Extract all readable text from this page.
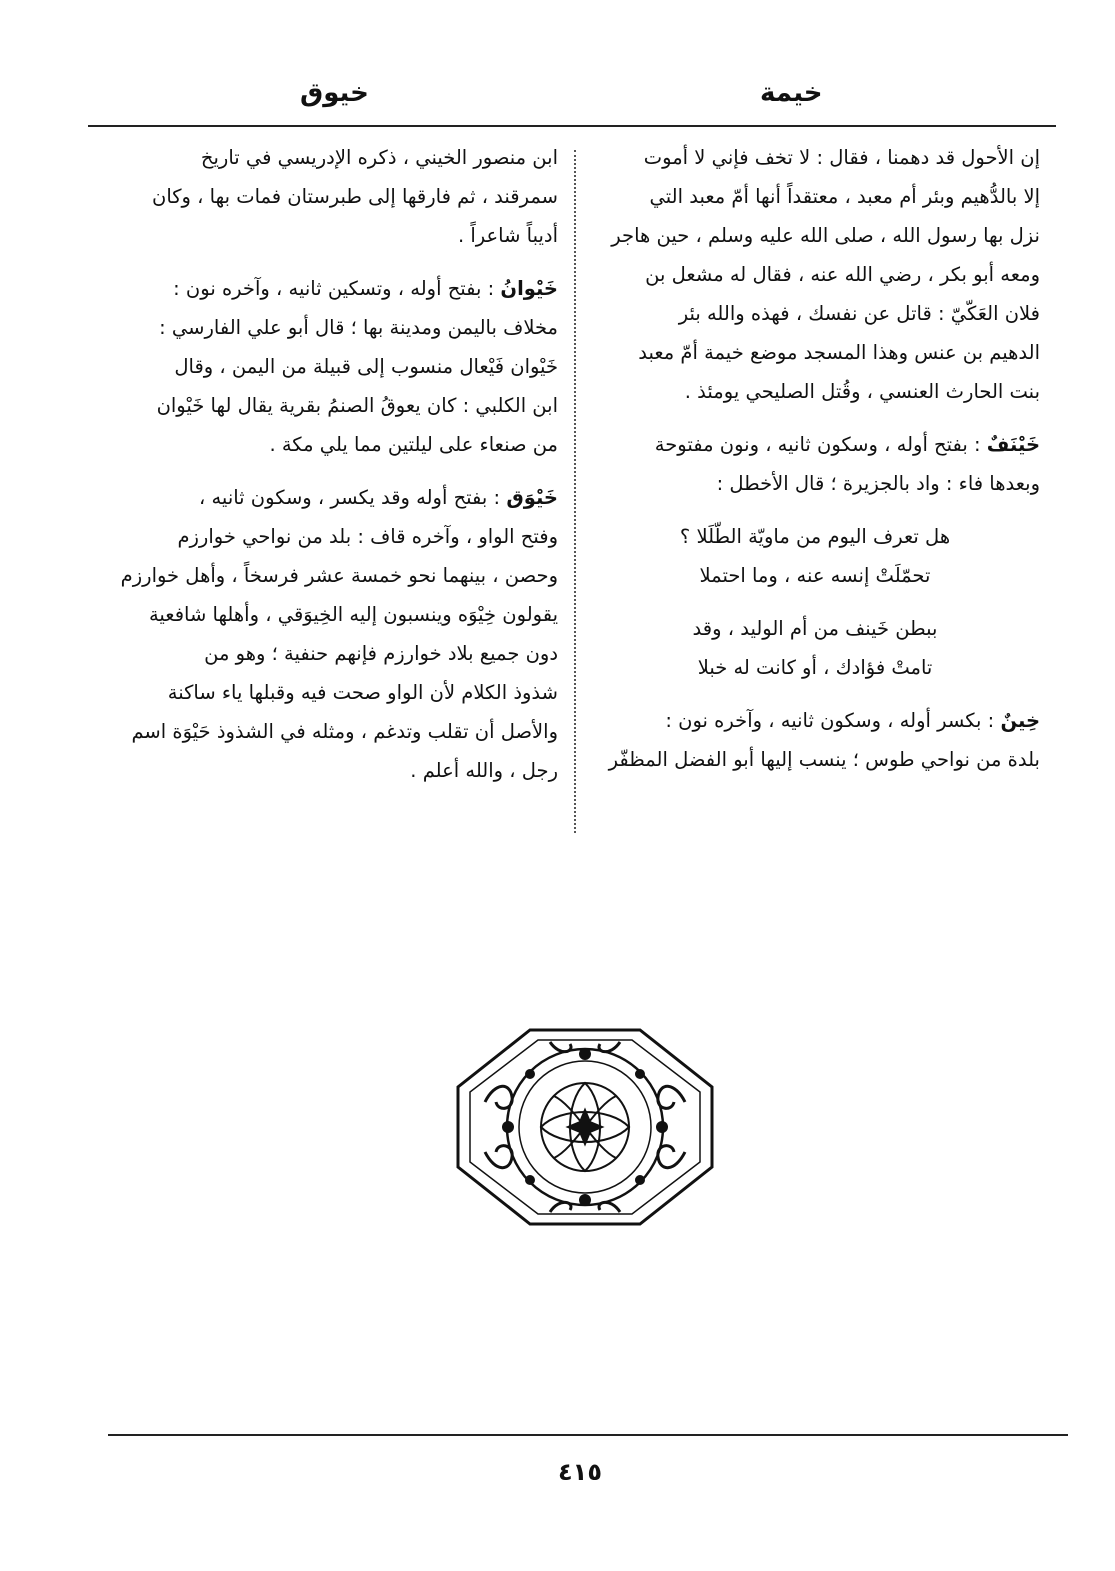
خيمة
خيوق
إن الأحول قد دهمنا ، فقال : لا تخف فإني لا أموت
إلا بالدُّهيم وبئر أم معبد ، معتقداً أنها أمّ معبد التي
نزل بها رسول الله ، صلى الله عليه وسلم ، حين هاجر
ومعه أبو بكر ، رضي الله عنه ، فقال له مشعل بن
فلان العَكّيّ : قاتل عن نفسك ، فهذه والله بئر
الدهيم بن عنس وهذا المسجد موضع خيمة أمّ معبد
بنت الحارث العنسي ، وقُتل الصليحي يومئذ .
خَيْنَفٌ : بفتح أوله ، وسكون ثانيه ، ونون مفتوحة
وبعدها فاء : واد بالجزيرة ؛ قال الأخطل :
هل تعرف اليوم من ماويّة الطّلَلا ؟
تحمّلَتْ إنسه عنه ، وما احتملا
ببطن خَينف من أم الوليد ، وقد
تامتْ فؤادك ، أو كانت له خبلا
خِينٌ : بكسر أوله ، وسكون ثانيه ، وآخره نون :
بلدة من نواحي طوس ؛ ينسب إليها أبو الفضل المظفّر
ابن منصور الخيني ، ذكره الإدريسي في تاريخ
سمرقند ، ثم فارقها إلى طبرستان فمات بها ، وكان
أديباً شاعراً .
خَيْوانُ : بفتح أوله ، وتسكين ثانيه ، وآخره نون :
مخلاف باليمن ومدينة بها ؛ قال أبو علي الفارسي :
خَيْوان فَيْعال منسوب إلى قبيلة من اليمن ، وقال
ابن الكلبي : كان يعوقُ الصنمُ بقرية يقال لها خَيْوان
من صنعاء على ليلتين مما يلي مكة .
خَيْوَق : بفتح أوله وقد يكسر ، وسكون ثانيه ،
وفتح الواو ، وآخره قاف : بلد من نواحي خوارزم
وحصن ، بينهما نحو خمسة عشر فرسخاً ، وأهل خوارزم
يقولون خِيْوَه وينسبون إليه الخِيوَقي ، وأهلها شافعية
دون جميع بلاد خوارزم فإنهم حنفية ؛ وهو من
شذوذ الكلام لأن الواو صحت فيه وقبلها ياء ساكنة
والأصل أن تقلب وتدغم ، ومثله في الشذوذ حَيْوَة اسم
رجل ، والله أعلم .
٤١٥
